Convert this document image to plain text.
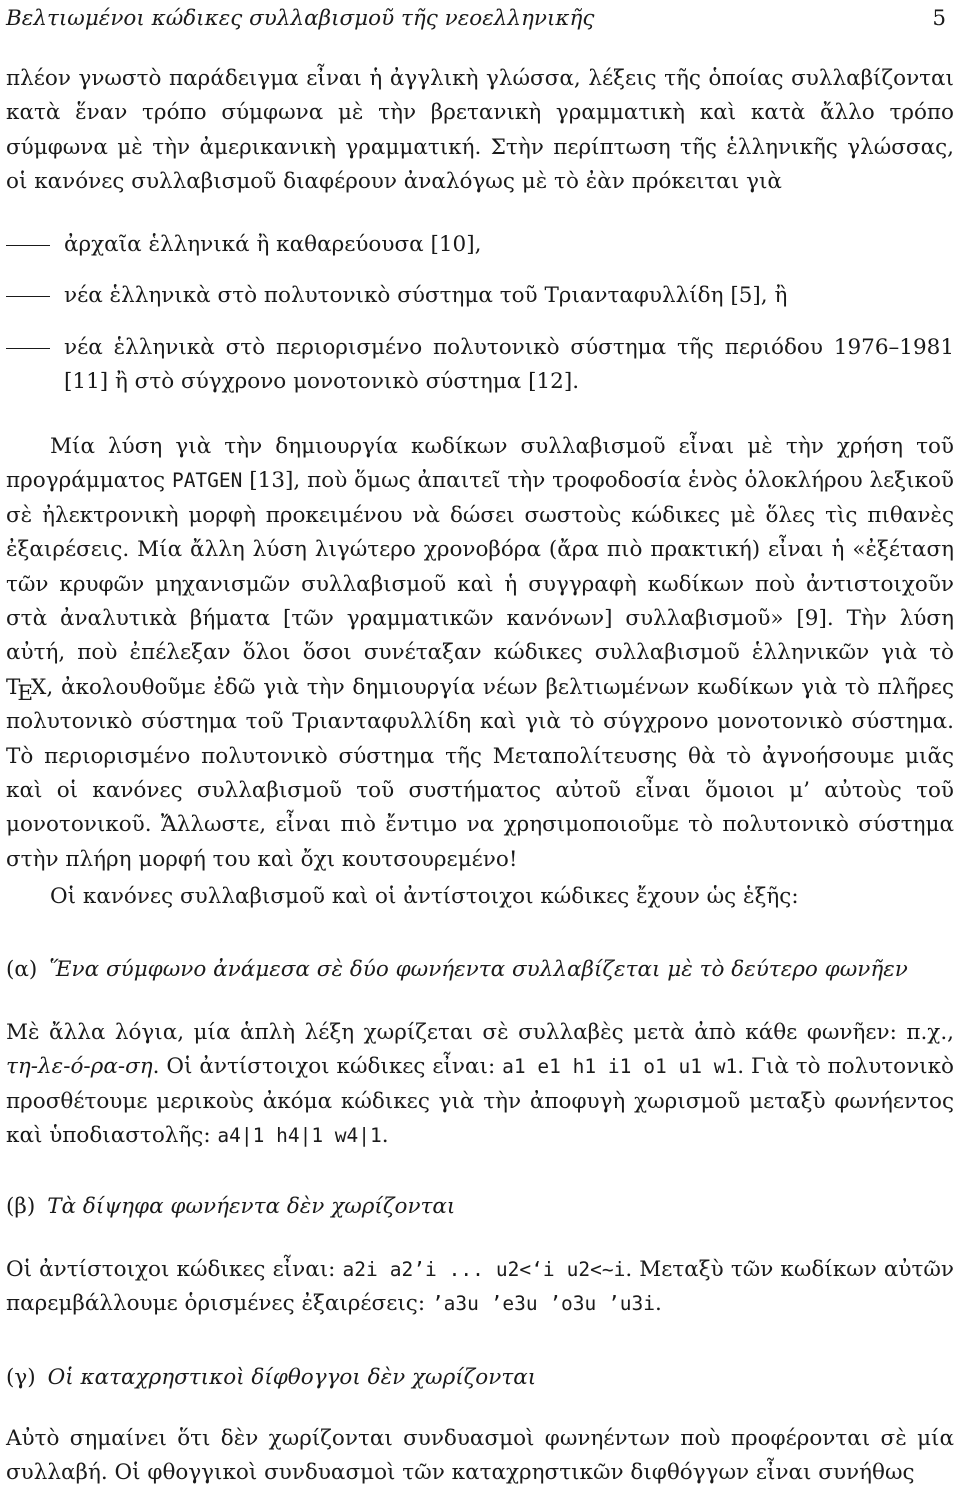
Βελτιωμένοι κώδικες συλλαβισμοῦ τῆς νεοελληνικῆς	5

πλέον γνωστὸ παράδειγμα εἶναι ἡ ἀγγλικὴ γλώσσα, λέξεις τῆς ὁποίας συλλαβίζονται κατὰ ἕναν τρόπο σύμφωνα μὲ τὴν βρετανικὴ γραμματικὴ καὶ κατὰ ἄλλο τρόπο σύμφωνα μὲ τὴν ἀμερικανικὴ γραμματική. Στὴν περίπτωση τῆς ἑλληνικῆς γλώσσας, οἱ κανόνες συλλαβισμοῦ διαφέρουν ἀναλόγως μὲ τὸ ἐὰν πρόκειται γιὰ

ἀρχαῖα ἑλληνικά ἢ καθαρεύουσα [10],
νέα ἑλληνικὰ στὸ πολυτονικὸ σύστημα τοῦ Τριανταφυλλίδη [5], ἢ
νέα ἑλληνικὰ στὸ περιορισμένο πολυτονικὸ σύστημα τῆς περιόδου 1976–1981 [11] ἢ στὸ σύγχρονο μονοτονικὸ σύστημα [12].

Μία λύση γιὰ τὴν δημιουργία κωδίκων συλλαβισμοῦ εἶναι μὲ τὴν χρήση τοῦ προγράμματος PATGEN [13], ποὺ ὅμως ἀπαιτεῖ τὴν τροφοδοσία ἑνὸς ὁλοκλήρου λεξικοῦ σὲ ἠλεκτρονικὴ μορφὴ προκειμένου νὰ δώσει σωστοὺς κώδικες μὲ ὅλες τὶς πιθανὲς ἐξαιρέσεις. Μία ἄλλη λύση λιγώτερο χρονοβόρα (ἄρα πιὸ πρακτική) εἶναι ἡ «ἐξέταση τῶν κρυφῶν μηχανισμῶν συλλαβισμοῦ καὶ ἡ συγγραφὴ κωδίκων ποὺ ἀντιστοιχοῦν στὰ ἀναλυτικὰ βήματα [τῶν γραμματικῶν κανόνων] συλλαβισμοῦ» [9]. Τὴν λύση αὐτή, ποὺ ἐπέλεξαν ὅλοι ὅσοι συνέταξαν κώδικες συλλαβισμοῦ ἑλληνικῶν γιὰ τὸ TEX, ἀκολουθοῦμε ἐδῶ γιὰ τὴν δημιουργία νέων βελτιωμένων κωδίκων γιὰ τὸ πλῆρες πολυτονικὸ σύστημα τοῦ Τριανταφυλλίδη καὶ γιὰ τὸ σύγχρονο μονοτονικὸ σύστημα. Τὸ περιορισμένο πολυτονικὸ σύστημα τῆς Μεταπολίτευσης θὰ τὸ ἀγνοήσουμε μιᾶς καὶ οἱ κανόνες συλλαβισμοῦ τοῦ συστήματος αὐτοῦ εἶναι ὅμοιοι μ’ αὐτοὺς τοῦ μονοτονικοῦ. Ἄλλωστε, εἶναι πιὸ ἔντιμο να χρησιμοποιοῦμε τὸ πολυτονικὸ σύστημα στὴν πλήρη μορφή του καὶ ὄχι κουτσουρεμένο!

Οἱ κανόνες συλλαβισμοῦ καὶ οἱ ἀντίστοιχοι κώδικες ἔχουν ὡς ἑξῆς:

(α) Ἕνα σύμφωνο ἀνάμεσα σὲ δύο φωνήεντα συλλαβίζεται μὲ τὸ δεύτερο φωνῆεν

Μὲ ἄλλα λόγια, μία ἁπλὴ λέξη χωρίζεται σὲ συλλαβὲς μετὰ ἀπὸ κάθε φωνῆεν: π.χ., τη-λε-ό-ρα-ση. Οἱ ἀντίστοιχοι κώδικες εἶναι: a1 e1 h1 i1 o1 u1 w1. Γιὰ τὸ πολυτονικὸ προσθέτουμε μερικοὺς ἀκόμα κώδικες γιὰ τὴν ἀποφυγὴ χωρισμοῦ μεταξὺ φωνήεντος καὶ ὑποδιαστολῆς: a4|1 h4|1 w4|1.

(β) Τὰ δίψηφα φωνήεντα δὲν χωρίζονται

Οἱ ἀντίστοιχοι κώδικες εἶναι: a2i a2’i ... u2<‘i u2<~i. Μεταξὺ τῶν κωδίκων αὐτῶν παρεμβάλλουμε ὁρισμένες ἐξαιρέσεις: ’a3u ’e3u ’o3u ’u3i.

(γ) Οἱ καταχρηστικοὶ δίφθογγοι δὲν χωρίζονται

Αὐτὸ σημαίνει ὅτι δὲν χωρίζονται συνδυασμοὶ φωνηέντων ποὺ προφέρονται σὲ μία συλλαβή. Οἱ φθογγικοὶ συνδυασμοὶ τῶν καταχρηστικῶν διφθόγγων εἶναι συνήθως
